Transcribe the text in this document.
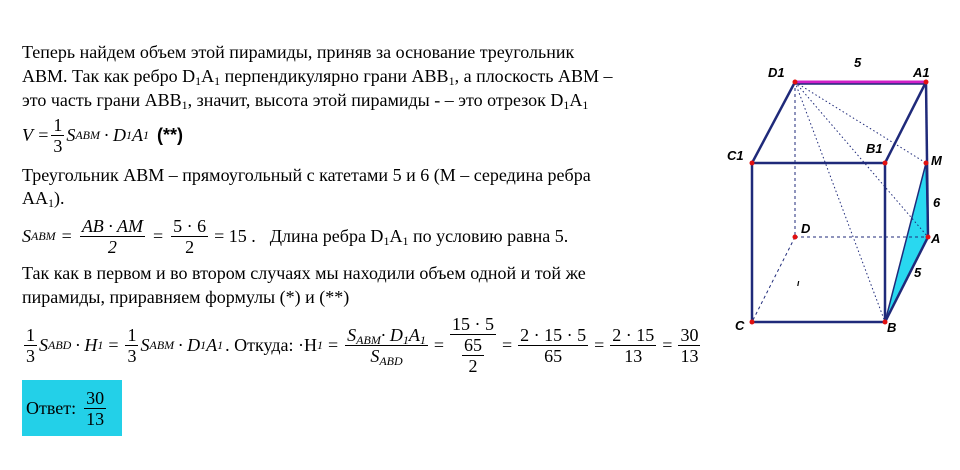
Теперь найдем объем этой пирамиды, приняв за основание треугольник
АВМ. Так как ребро $D_1A_1$ перпендикулярно грани $АВВ_1$, а плоскость АВМ –
это часть грани $АВВ_1$, значит, высота этой пирамиды - – это отрезок $D_1A_1$
$V = \frac{1}{3}$ S ABM · D 1 A 1 (**)
Треугольник АВМ – прямоугольный с катетами 5 и 6 (М – середина ребра
$АА_1$).
S ABM = $\frac{AB \cdot AM}{2} = \frac{5 \cdot 6}{2} = 15$ . Длина ребра $D_1A_1$ по условию равна 5.
Так как в первом и во втором случаях мы находили объем одной и той же
пирамиды, приравняем формулы (*) и (**)
$\frac{1}{3}$ S ABD · H $1 = \frac{1}{3}$ S ABM · D 1 A 1 . Откуда: ·H $1 = \frac{S_{ABM}\cdot D_1A_1}{S_{ABD}} = \frac{15 \cdot 5}{\frac{65}{2}} = \frac{2 \cdot 15 \cdot 5}{65} = \frac{2 \cdot 15}{13} = \frac{30}{13}$
Ответ: $\frac{30}{13}$
D1	A1
C1	B1
M
D
A
C	B
5
6
5
ı
